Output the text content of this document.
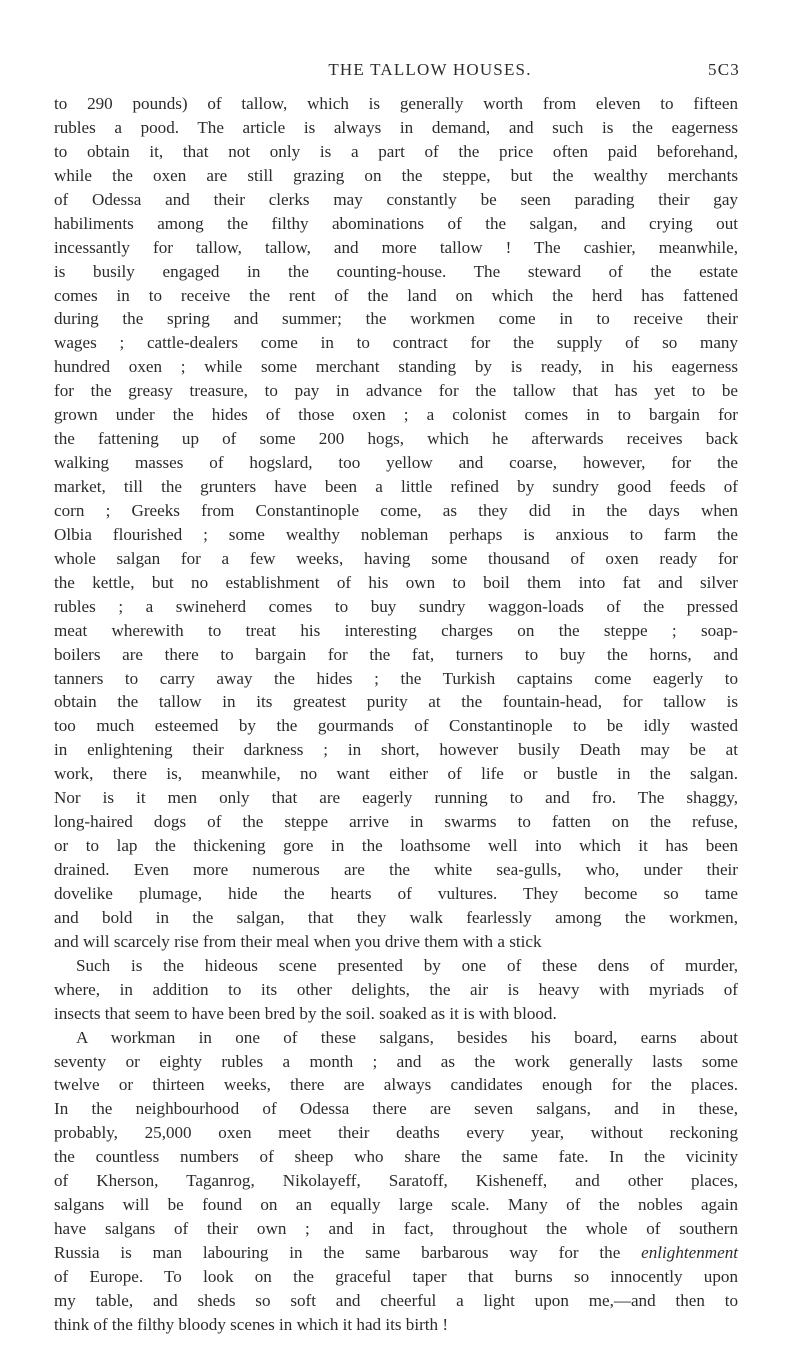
THE TALLOW HOUSES.	5C3
to 290 pounds) of tallow, which is generally worth from eleven to fifteen
rubles a pood. The article is always in demand, and such is the eagerness
to obtain it, that not only is a part of the price often paid beforehand,
while the oxen are still grazing on the steppe, but the wealthy merchants
of Odessa and their clerks may constantly be seen parading their gay
habiliments among the filthy abominations of the salgan, and crying out
incessantly for tallow, tallow, and more tallow ! The cashier, meanwhile,
is busily engaged in the counting-house. The steward of the estate
comes in to receive the rent of the land on which the herd has fattened
during the spring and summer; the workmen come in to receive their
wages ; cattle-dealers come in to contract for the supply of so many
hundred oxen ; while some merchant standing by is ready, in his eagerness
for the greasy treasure, to pay in advance for the tallow that has yet to be
grown under the hides of those oxen ; a colonist comes in to bargain for
the fattening up of some 200 hogs, which he afterwards receives back
walking masses of hogslard, too yellow and coarse, however, for the
market, till the grunters have been a little refined by sundry good feeds of
corn ; Greeks from Constantinople come, as they did in the days when
Olbia flourished ; some wealthy nobleman perhaps is anxious to farm the
whole salgan for a few weeks, having some thousand of oxen ready for
the kettle, but no establishment of his own to boil them into fat and silver
rubles ; a swineherd comes to buy sundry waggon-loads of the pressed
meat wherewith to treat his interesting charges on the steppe ; soap-
boilers are there to bargain for the fat, turners to buy the horns, and
tanners to carry away the hides ; the Turkish captains come eagerly to
obtain the tallow in its greatest purity at the fountain-head, for tallow is
too much esteemed by the gourmands of Constantinople to be idly wasted
in enlightening their darkness ; in short, however busily Death may be at
work, there is, meanwhile, no want either of life or bustle in the salgan.
Nor is it men only that are eagerly running to and fro. The shaggy,
long-haired dogs of the steppe arrive in swarms to fatten on the refuse,
or to lap the thickening gore in the loathsome well into which it has been
drained. Even more numerous are the white sea-gulls, who, under their
dovelike plumage, hide the hearts of vultures. They become so tame
and bold in the salgan, that they walk fearlessly among the workmen,
and will scarcely rise from their meal when you drive them with a stick
Such is the hideous scene presented by one of these dens of murder,
where, in addition to its other delights, the air is heavy with myriads of
insects that seem to have been bred by the soil. soaked as it is with blood.
A workman in one of these salgans, besides his board, earns about
seventy or eighty rubles a month ; and as the work generally lasts some
twelve or thirteen weeks, there are always candidates enough for the places.
In the neighbourhood of Odessa there are seven salgans, and in these,
probably, 25,000 oxen meet their deaths every year, without reckoning
the countless numbers of sheep who share the same fate. In the vicinity
of Kherson, Taganrog, Nikolayeff, Saratoff, Kisheneff, and other places,
salgans will be found on an equally large scale. Many of the nobles again
have salgans of their own ; and in fact, throughout the whole of southern
Russia is man labouring in the same barbarous way for the enlightenment
of Europe. To look on the graceful taper that burns so innocently upon
my table, and sheds so soft and cheerful a light upon me,—and then to
think of the filthy bloody scenes in which it had its birth !
